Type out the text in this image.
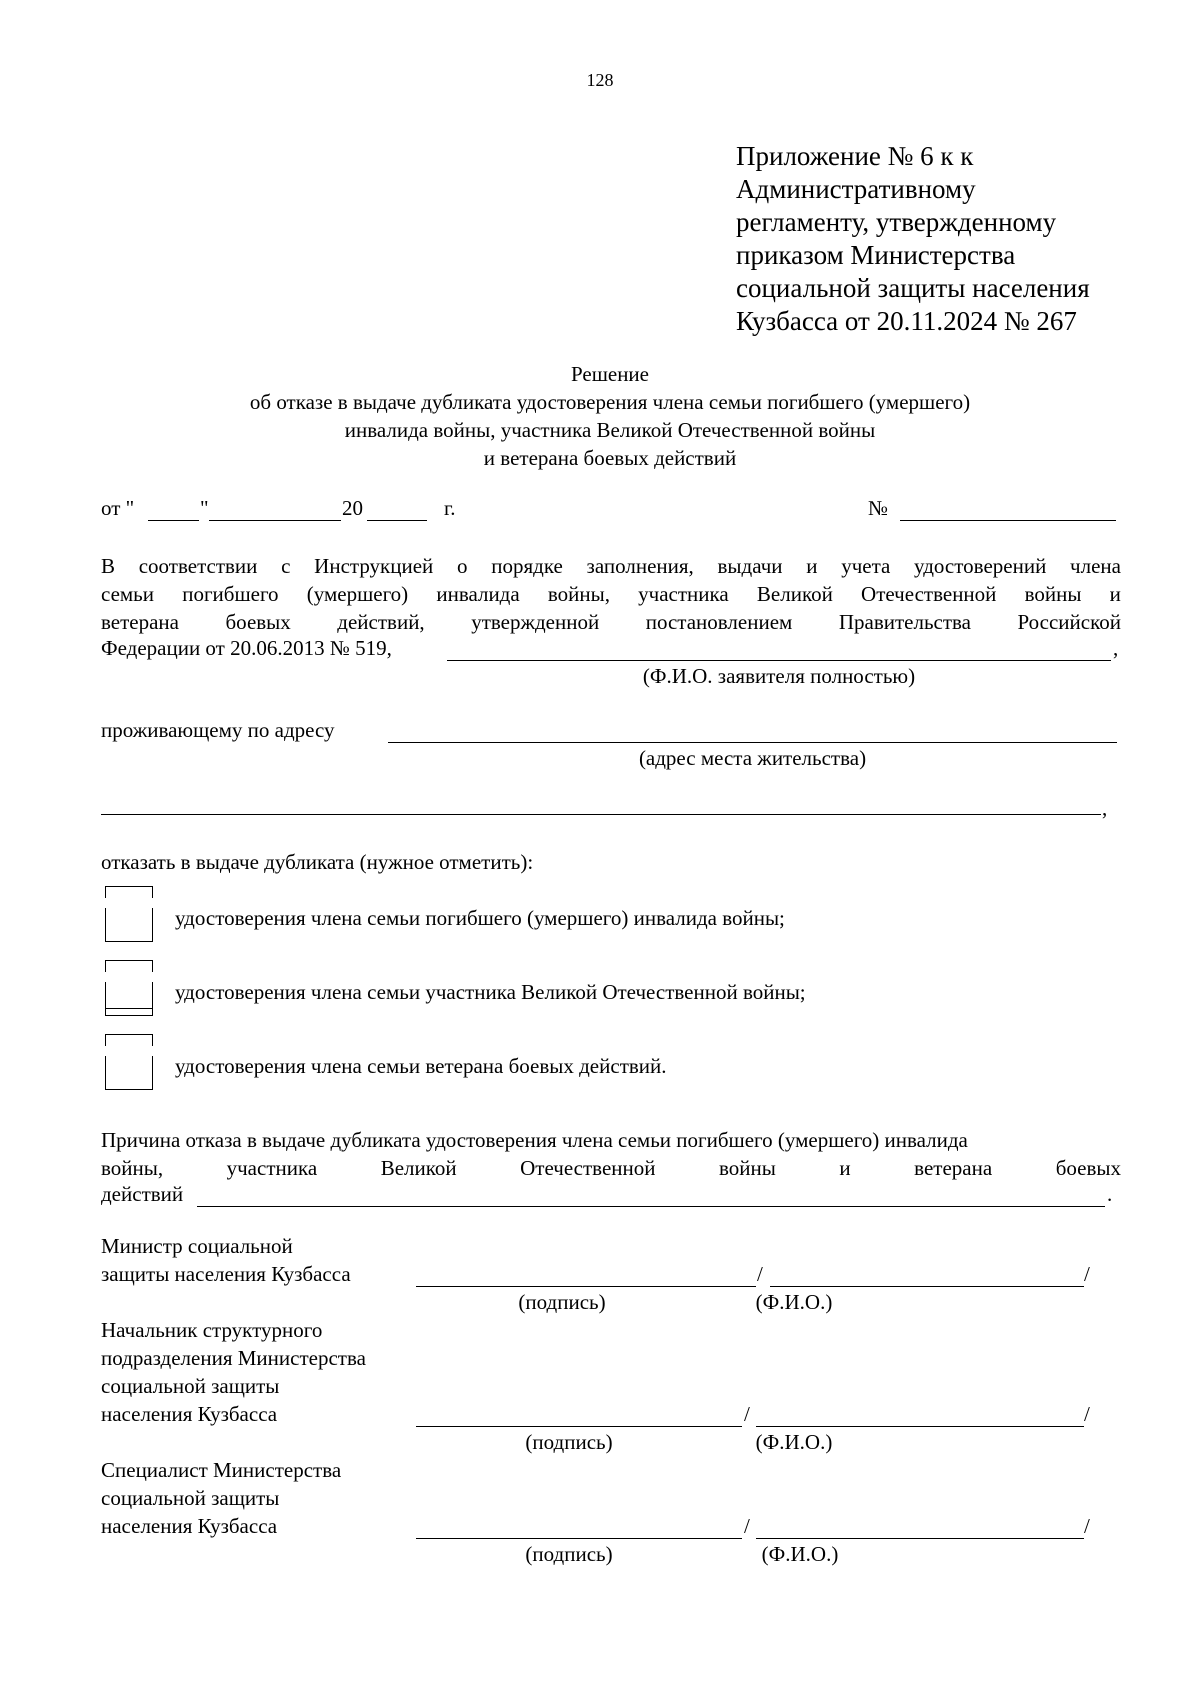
128
Приложение № 6 к к
Административному
регламенту, утвержденному
приказом Министерства
социальной защиты населения
Кузбасса от 20.11.2024 № 267
Решение
об отказе в выдаче дубликата удостоверения члена семьи погибшего (умершего)
инвалида войны, участника Великой Отечественной войны
и ветерана боевых действий
от "	"	20	г.	№
В соответствии с Инструкцией о порядке заполнения, выдачи и учета удостоверений члена
семьи погибшего (умершего) инвалида войны, участника Великой Отечественной войны и
ветерана боевых действий, утвержденной постановлением Правительства Российской
Федерации от 20.06.2013 № 519,	,
(Ф.И.О. заявителя полностью)
проживающему по адресу
(адрес места жительства)
,
отказать в выдаче дубликата (нужное отметить):
удостоверения члена семьи погибшего (умершего) инвалида войны;
удостоверения члена семьи участника Великой Отечественной войны;
удостоверения члена семьи ветерана боевых действий.
Причина отказа в выдаче дубликата удостоверения члена семьи погибшего (умершего) инвалида
войны,	участника	Великой	Отечественной	войны	и	ветерана	боевых
действий	.
Министр социальной
защиты населения Кузбасса	/	/
(подпись)	(Ф.И.О.)
Начальник структурного
подразделения Министерства
социальной защиты
населения Кузбасса	/	/
(подпись)	(Ф.И.О.)
Специалист Министерства
социальной защиты
населения Кузбасса	/	/
(подпись)	(Ф.И.О.)
